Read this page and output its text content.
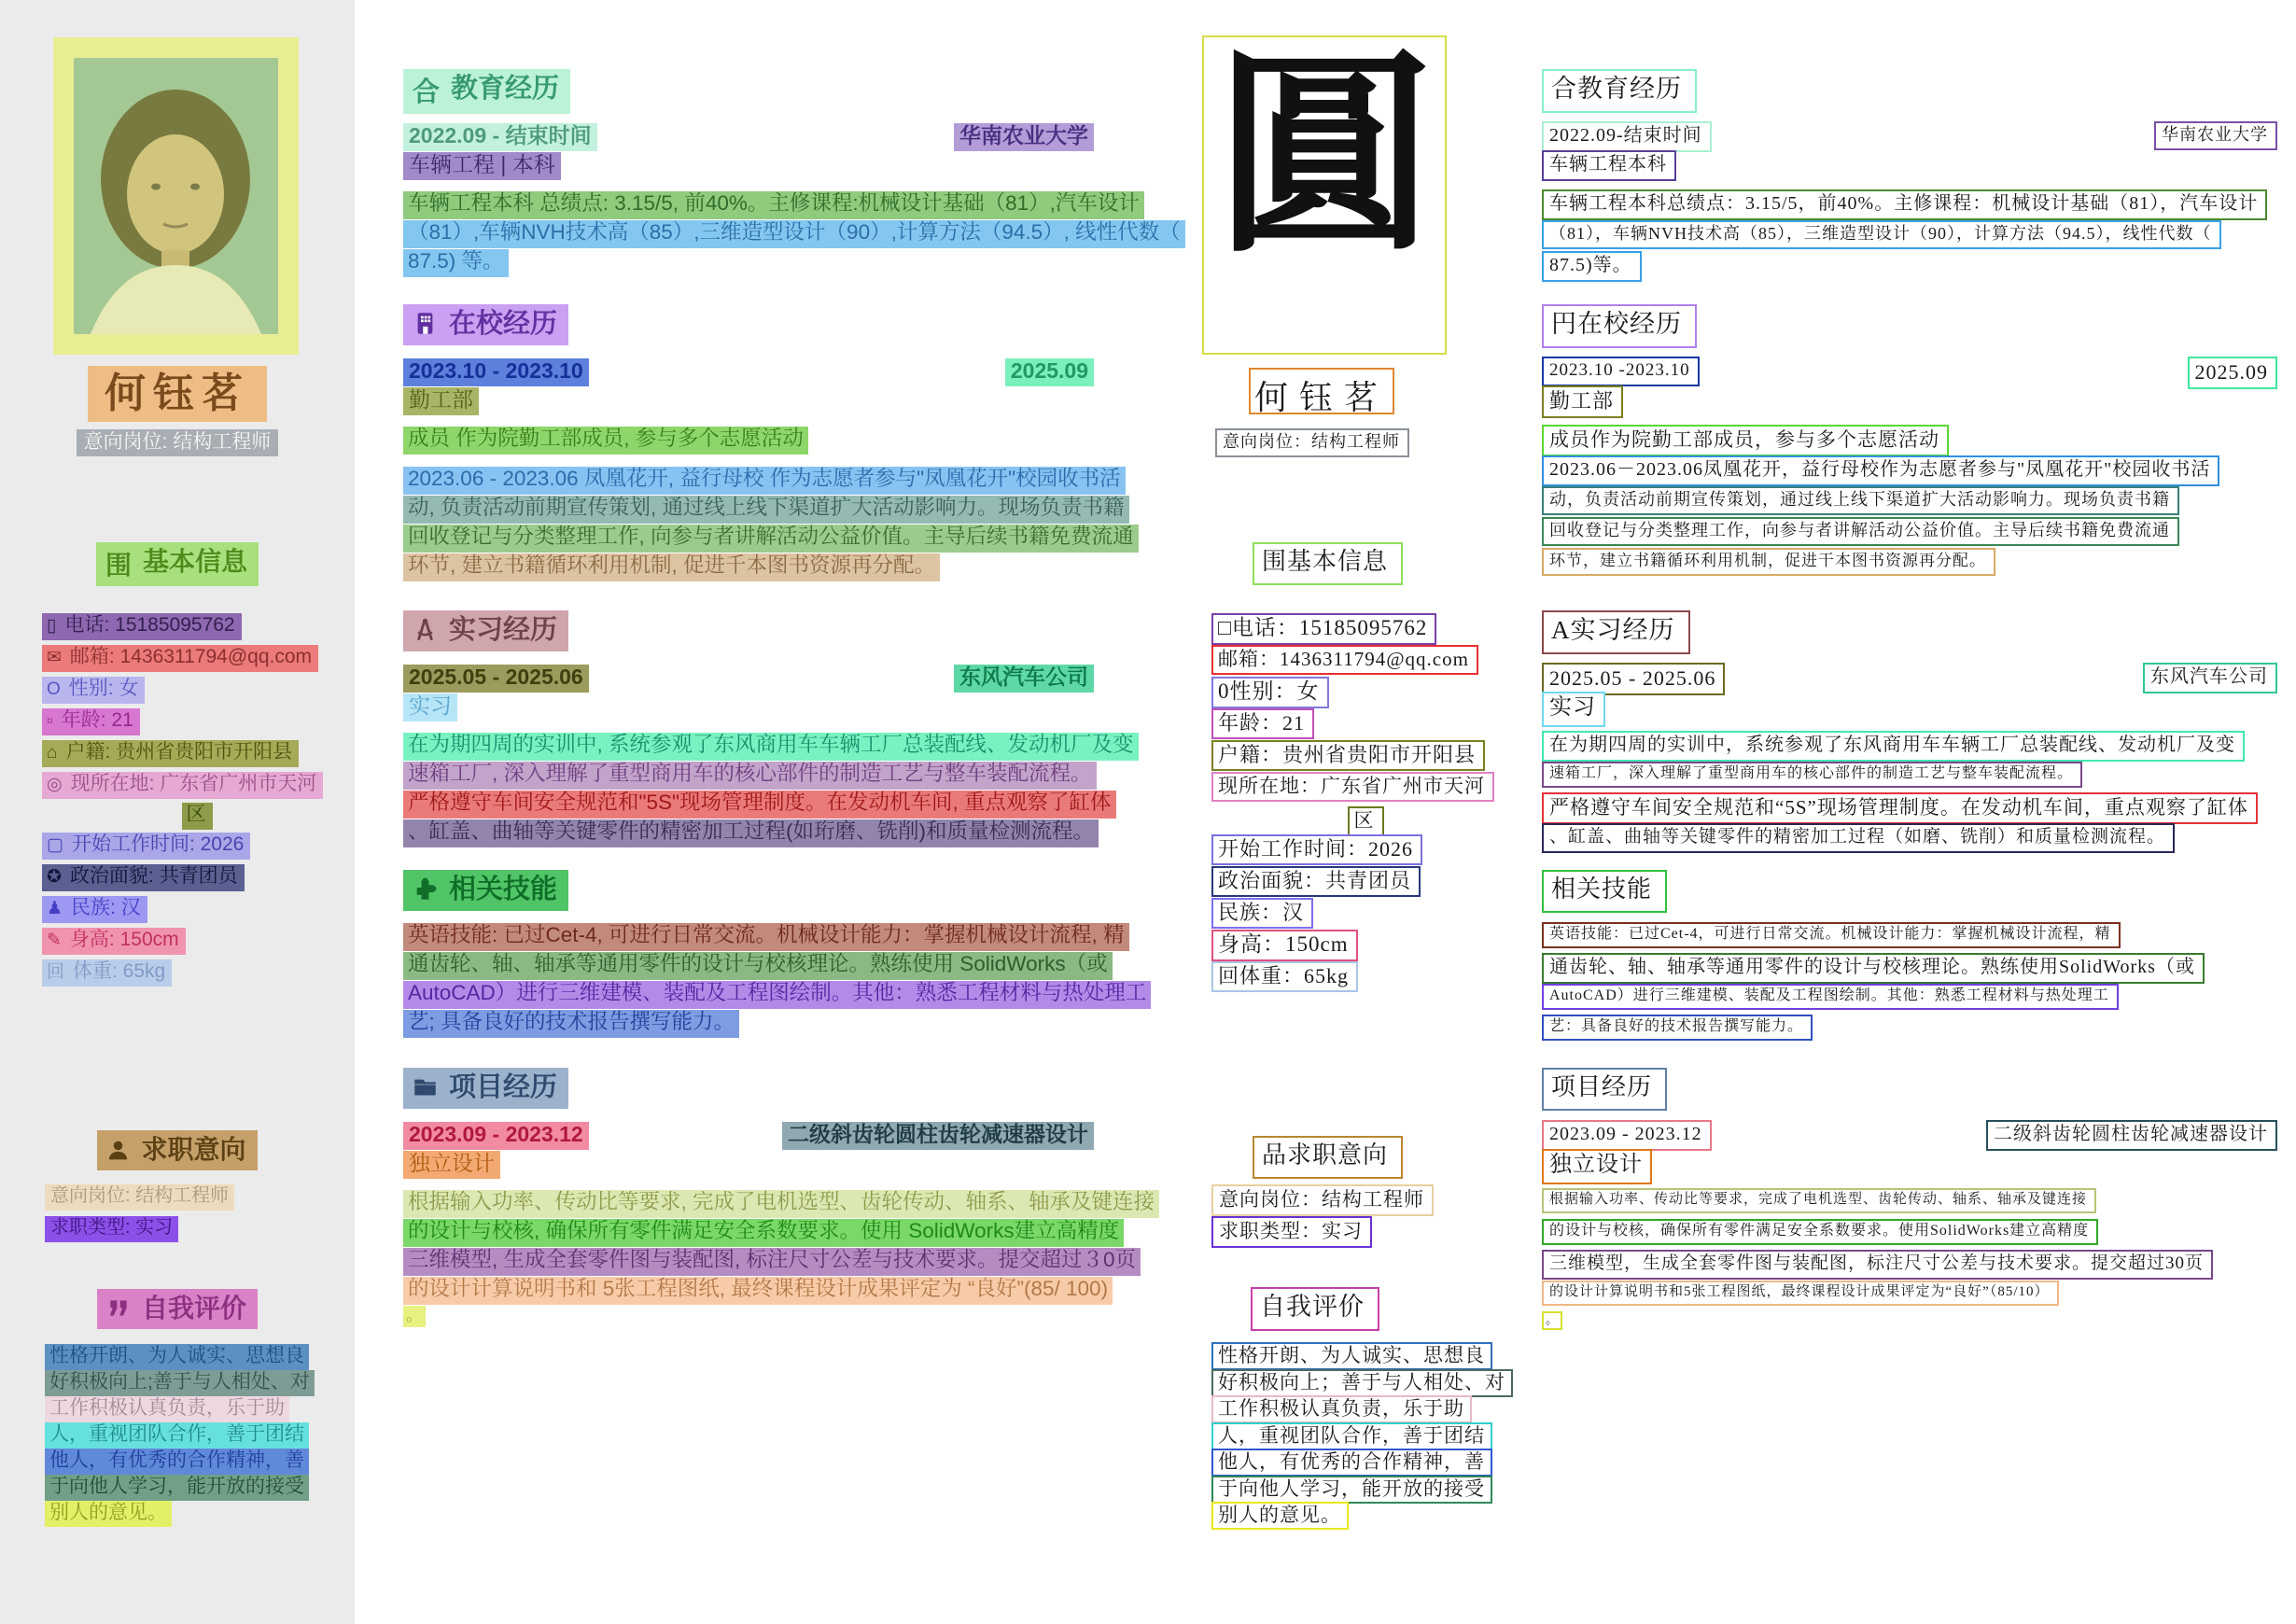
何钰茗
意向岗位: 结构工程师
围 基本信息
▯ 电话: 15185095762
✉ 邮箱: 1436311794@qq.com
O 性别: 女
▫ 年龄: 21
⌂ 户籍: 贵州省贵阳市开阳县
◎ 现所在地: 广东省广州市天河
区
▢ 开始工作时间: 2026
✪ 政治面貌: 共青团员
♟ 民族: 汉
✎ 身高: 150cm
回 体重: 65kg
求职意向
意向岗位: 结构工程师
求职类型: 实习
自我评价
性格开朗、为人诚实、思想良
好积极向上;善于与人相处、对
工作积极认真负责，乐于助
人，重视团队合作，善于团结
他人，有优秀的合作精神，善
于向他人学习，能开放的接受
别人的意见。
合 教育经历
2022.09 - 结束时间	华南农业大学
车辆工程 | 本科
车辆工程本科 总绩点: 3.15/5, 前40%。主修课程:机械设计基础（81）,汽车设计
（81）,车辆NVH技术高（85）,三维造型设计（90）,计算方法（94.5）, 线性代数（
87.5) 等。
在校经历
2023.10 - 2023.10	2025.09
勤工部
成员 作为院勤工部成员, 参与多个志愿活动
2023.06 - 2023.06 凤凰花开, 益行母校 作为志愿者参与"凤凰花开"校园收书活
动, 负责活动前期宣传策划, 通过线上线下渠道扩大活动影响力。现场负责书籍
回收登记与分类整理工作, 向参与者讲解活动公益价值。主导后续书籍免费流通
环节, 建立书籍循环利用机制, 促进千本图书资源再分配。
实习经历
2025.05 - 2025.06	东风汽车公司
实习
在为期四周的实训中, 系统参观了东风商用车车辆工厂总装配线、发动机厂及变
速箱工厂, 深入理解了重型商用车的核心部件的制造工艺与整车装配流程。
严格遵守车间安全规范和"5S"现场管理制度。在发动机车间, 重点观察了缸体
、缸盖、曲轴等关键零件的精密加工过程(如珩磨、铣削)和质量检测流程。
相关技能
英语技能: 已过Cet-4, 可进行日常交流。机械设计能力：掌握机械设计流程, 精
通齿轮、轴、轴承等通用零件的设计与校核理论。熟练使用 SolidWorks（或
AutoCAD）进行三维建模、装配及工程图绘制。其他：熟悉工程材料与热处理工
艺; 具备良好的技术报告撰写能力。
项目经历
2023.09 - 2023.12	二级斜齿轮圆柱齿轮减速器设计
独立设计
根据输入功率、传动比等要求, 完成了电机选型、齿轮传动、轴系、轴承及键连接
的设计与校核, 确保所有零件满足安全系数要求。使用 SolidWorks建立高精度
三维模型, 生成全套零件图与装配图, 标注尺寸公差与技术要求。提交超过３0页
的设计计算说明书和 5张工程图纸, 最终课程设计成果评定为 “良好”(85/ 100)
。
圓
何钰茗
意向岗位：结构工程师
围基本信息
□电话：15185095762
邮箱：1436311794@qq.com
0性别：女
年龄：21
户籍：贵州省贵阳市开阳县
现所在地：广东省广州市天河
区
开始工作时间：2026
政治面貌：共青团员
民族：汉
身高：150cm
回体重：65kg
品求职意向
意向岗位：结构工程师
求职类型：实习
自我评价
性格开朗、为人诚实、思想良
好积极向上；善于与人相处、对
工作积极认真负责，乐于助
人，重视团队合作，善于团结
他人，有优秀的合作精神，善
于向他人学习，能开放的接受
别人的意见。
合教育经历
2022.09-结束时间	华南农业大学
车辆工程本科
车辆工程本科总绩点：3.15/5，前40%。主修课程：机械设计基础（81），汽车设计
（81），车辆NVH技术高（85），三维造型设计（90），计算方法（94.5），线性代数（
87.5)等。
円在校经历
2023.10 -2023.10	2025.09
勤工部
成员作为院勤工部成员，参与多个志愿活动
2023.06－2023.06凤凰花开，益行母校作为志愿者参与"凤凰花开"校园收书活
动，负责活动前期宣传策划，通过线上线下渠道扩大活动影响力。现场负责书籍
回收登记与分类整理工作，向参与者讲解活动公益价值。主导后续书籍免费流通
环节，建立书籍循环利用机制，促进干本图书资源再分配。
A实习经历
2025.05 - 2025.06	东风汽车公司
实习
在为期四周的实训中，系统参观了东风商用车车辆工厂总装配线、发动机厂及变
速箱工厂，深入理解了重型商用车的核心部件的制造工艺与整车装配流程。
严格遵守车间安全规范和“5S”现场管理制度。在发动机车间，重点观察了缸体
、缸盖、曲轴等关键零件的精密加工过程（如磨、铣削）和质量检测流程。
相关技能
英语技能：已过Cet-4，可进行日常交流。机械设计能力：掌握机械设计流程，精
通齿轮、轴、轴承等通用零件的设计与校核理论。熟练使用SolidWorks（或
AutoCAD）进行三维建模、装配及工程图绘制。其他：熟悉工程材料与热处理工
艺：具备良好的技术报告撰写能力。
项目经历
2023.09 - 2023.12	二级斜齿轮圆柱齿轮减速器设计
独立设计
根据输入功率、传动比等要求，完成了电机选型、齿轮传动、轴系、轴承及键连接
的设计与校核，确保所有零件满足安全系数要求。使用SolidWorks建立高精度
三维模型，生成全套零件图与装配图，标注尺寸公差与技术要求。提交超过30页
的设计计算说明书和5张工程图纸，最终课程设计成果评定为“良好”（85/10）
。
